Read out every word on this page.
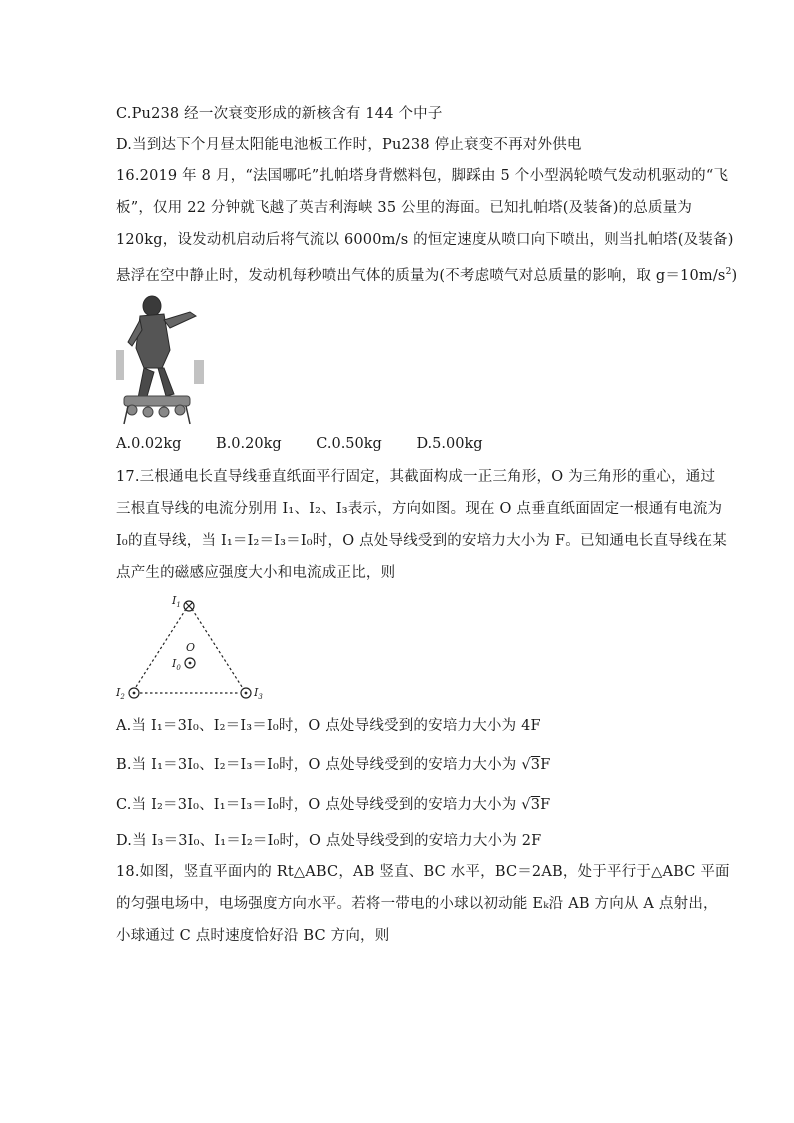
C.Pu238 经一次衰变形成的新核含有 144 个中子
D.当到达下个月昼太阳能电池板工作时，Pu238 停止衰变不再对外供电
16.2019 年 8 月，“法国哪吒”扎帕塔身背燃料包，脚踩由 5 个小型涡轮喷气发动机驱动的“飞
板”，仅用 22 分钟就飞越了英吉利海峡 35 公里的海面。已知扎帕塔(及装备)的总质量为
120kg，设发动机启动后将气流以 6000m/s 的恒定速度从喷口向下喷出，则当扎帕塔(及装备)
悬浮在空中静止时，发动机每秒喷出气体的质量为(不考虑喷气对总质量的影响，取 $g=10m/s^2$)
A.0.02kg B.0.20kg C.0.50kg D.5.00kg
17.三根通电长直导线垂直纸面平行固定，其截面构成一正三角形，O 为三角形的重心，通过
三根直导线的电流分别用 I₁、I₂、I₃表示，方向如图。现在 O 点垂直纸面固定一根通有电流为
I₀的直导线，当 I₁＝I₂＝I₃＝I₀时，O 点处导线受到的安培力大小为 F。已知通电长直导线在某
点产生的磁感应强度大小和电流成正比，则
$I_1$
$I_2$	$I_3$
O
$I_0$
A.当 I₁＝3I₀、I₂＝I₃＝I₀时，O 点处导线受到的安培力大小为 4F
B.当 I₁＝3I₀、I₂＝I₃＝I₀时，O 点处导线受到的安培力大小为 √3F
C.当 I₂＝3I₀、I₁＝I₃＝I₀时，O 点处导线受到的安培力大小为 √3F
D.当 I₃＝3I₀、I₁＝I₂＝I₀时，O 点处导线受到的安培力大小为 2F
18.如图，竖直平面内的 Rt△ABC，AB 竖直、BC 水平，BC＝2AB，处于平行于△ABC 平面
的匀强电场中，电场强度方向水平。若将一带电的小球以初动能 Eₖ沿 AB 方向从 A 点射出，
小球通过 C 点时速度恰好沿 BC 方向，则
